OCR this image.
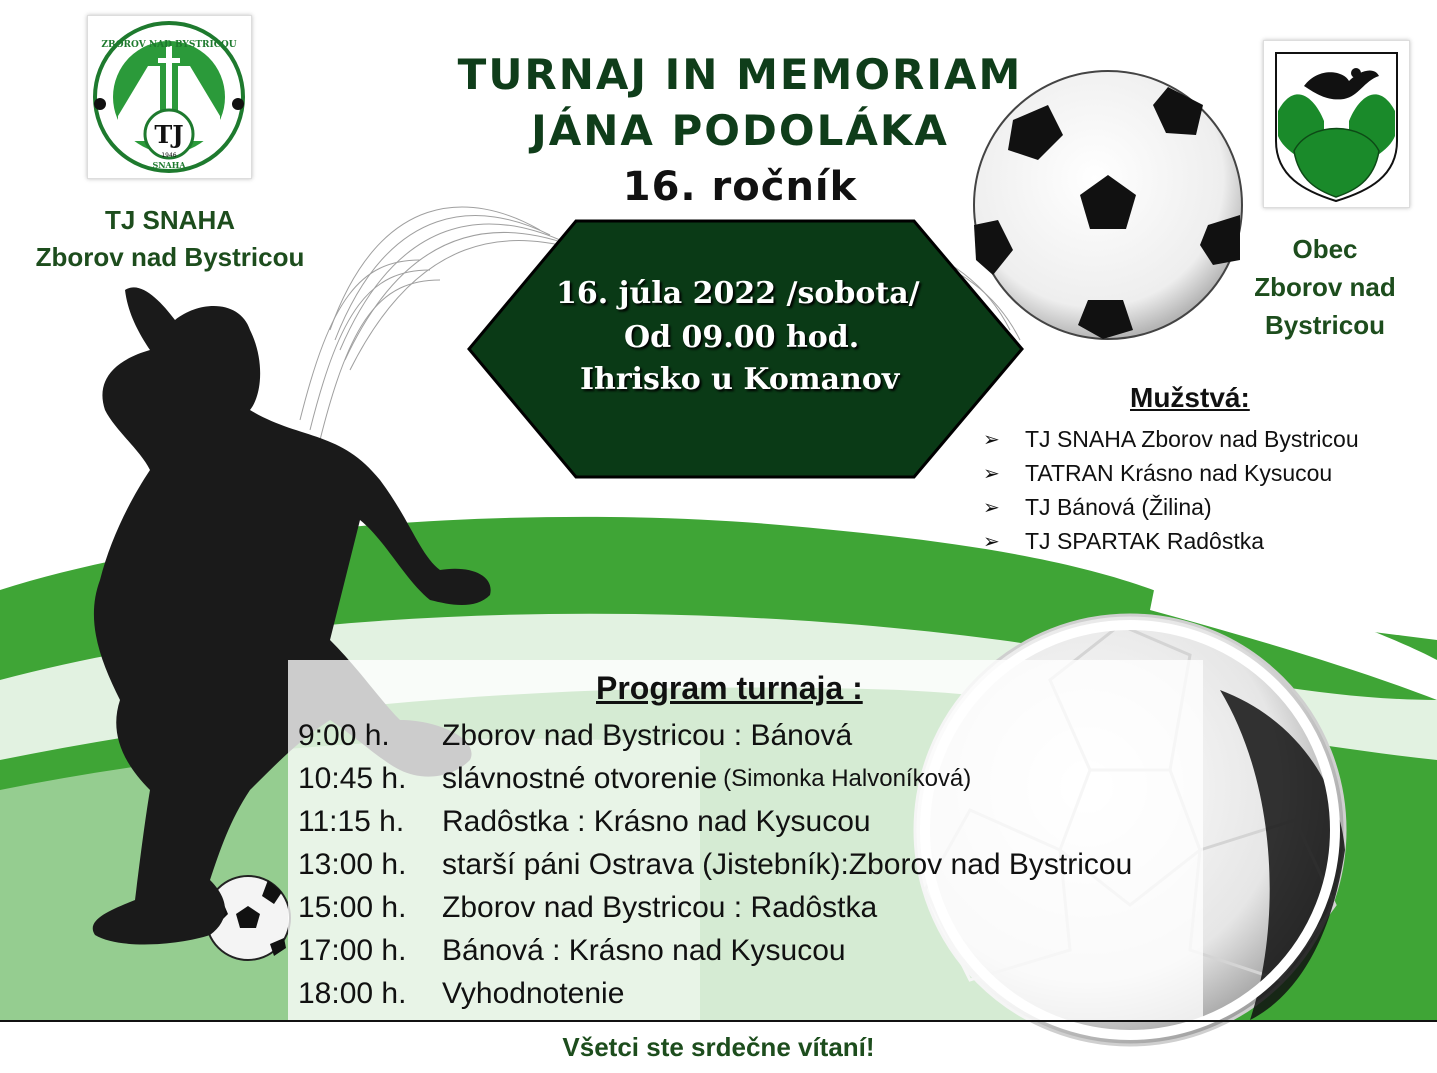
ZBOROV NAD BYSTRICOU
TJ
1946
SNAHA
TJ SNAHA
Zborov nad Bystricou	Obec
Zborov nad
Bystricou
TURNAJ IN MEMORIAM
JÁNA PODOLÁKA
16. ročník
16. júla 2022 /sobota/
Od 09.00 hod.
Ihrisko u Komanov
Mužstvá:
➢	TJ SNAHA Zborov nad Bystricou
➢	TATRAN Krásno nad Kysucou
➢	TJ Bánová (Žilina)
➢	TJ SPARTAK Radôstka
Program turnaja :
9:00 h.	Zborov nad Bystricou : Bánová
10:45 h.	slávnostné otvorenie (Simonka Halvoníková)
11:15 h.	Radôstka : Krásno nad Kysucou
13:00 h.	starší páni Ostrava (Jistebník):Zborov nad Bystricou
15:00 h.	Zborov nad Bystricou : Radôstka
17:00 h.	Bánová : Krásno nad Kysucou
18:00 h.	Vyhodnotenie
Všetci ste srdečne vítaní!
